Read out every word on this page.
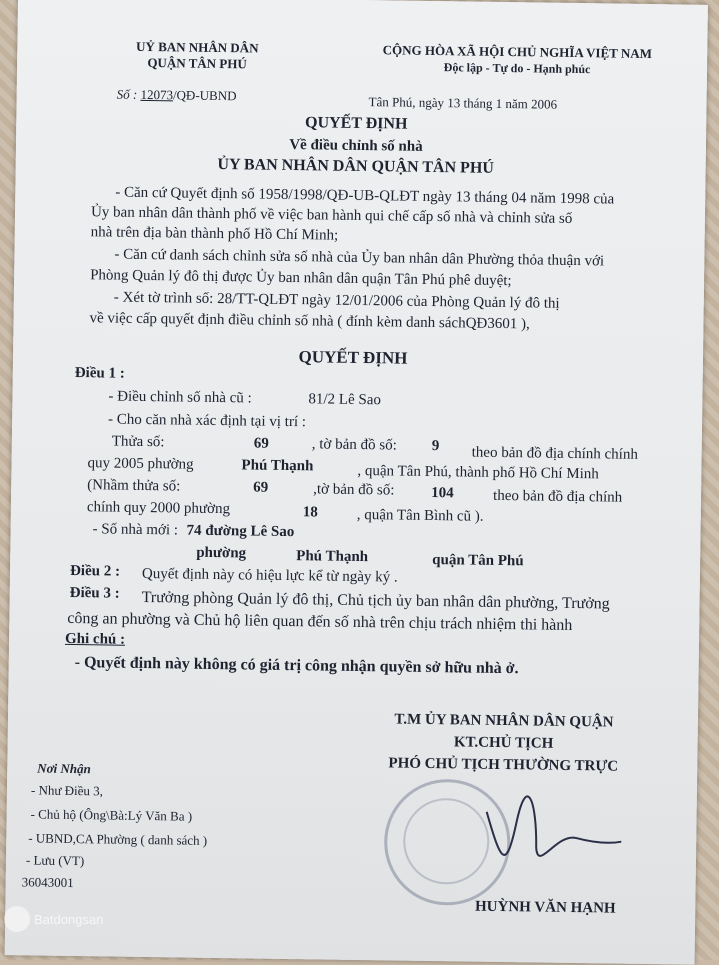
UỶ BAN NHÂN DÂN
QUẬN TÂN PHÚ
CỘNG HÒA XÃ HỘI CHỦ NGHĨA VIỆT NAM
Độc lập - Tự do - Hạnh phúc
Số : 12073/QĐ-UBND	Tân Phú, ngày 13 tháng 1 năm 2006
QUYẾT ĐỊNH
Về điều chỉnh số nhà
ỦY BAN NHÂN DÂN QUẬN TÂN PHÚ
- Căn cứ Quyết định số 1958/1998/QĐ-UB-QLĐT ngày 13 tháng 04 năm 1998 của
Ủy ban nhân dân thành phố về việc ban hành qui chế cấp số nhà và chỉnh sửa số
nhà trên địa bàn thành phố Hồ Chí Minh;
- Căn cứ danh sách chỉnh sửa số nhà của Ủy ban nhân dân Phường thỏa thuận với
Phòng Quản lý đô thị được Ủy ban nhân dân quận Tân Phú phê duyệt;
- Xét tờ trình số: 28/TT-QLĐT ngày 12/01/2006 của Phòng Quản lý đô thị
về việc cấp quyết định điều chỉnh số nhà ( đính kèm danh sáchQĐ3601 ),
QUYẾT ĐỊNH
Điều 1 :
- Điều chỉnh số nhà cũ :	81/2 Lê Sao
- Cho căn nhà xác định tại vị trí :
Thửa số:	69	, tờ bản đồ số: 9 theo bản đồ địa chính chính
quy 2005 phường	Phú Thạnh	, quận Tân Phú, thành phố Hồ Chí Minh
(Nhầm thửa số:	69	,tờ bản đồ số: 104	theo bản đồ địa chính
chính quy 2000 phường	18	, quận Tân Bình cũ ).
- Số nhà mới : 74 đường Lê Sao
phường	Phú Thạnh	quận Tân Phú
Điều 2 : Quyết định này có hiệu lực kể từ ngày ký .
Điều 3 : Trưởng phòng Quản lý đô thị, Chủ tịch ủy ban nhân dân phường, Trưởng
công an phường và Chủ hộ liên quan đến số nhà trên chịu trách nhiệm thi hành
Ghi chú :
- Quyết định này không có giá trị công nhận quyền sở hữu nhà ở.
T.M ỦY BAN NHÂN DÂN QUẬN
KT.CHỦ TỊCH
PHÓ CHỦ TỊCH THƯỜNG TRỰC
HUỲNH VĂN HẠNH
Nơi Nhận
- Như Điều 3,
- Chủ hộ (Ông\Bà:Lý Văn Ba )
- UBND,CA Phường ( danh sách )
- Lưu (VT)
36043001
Batdongsan
